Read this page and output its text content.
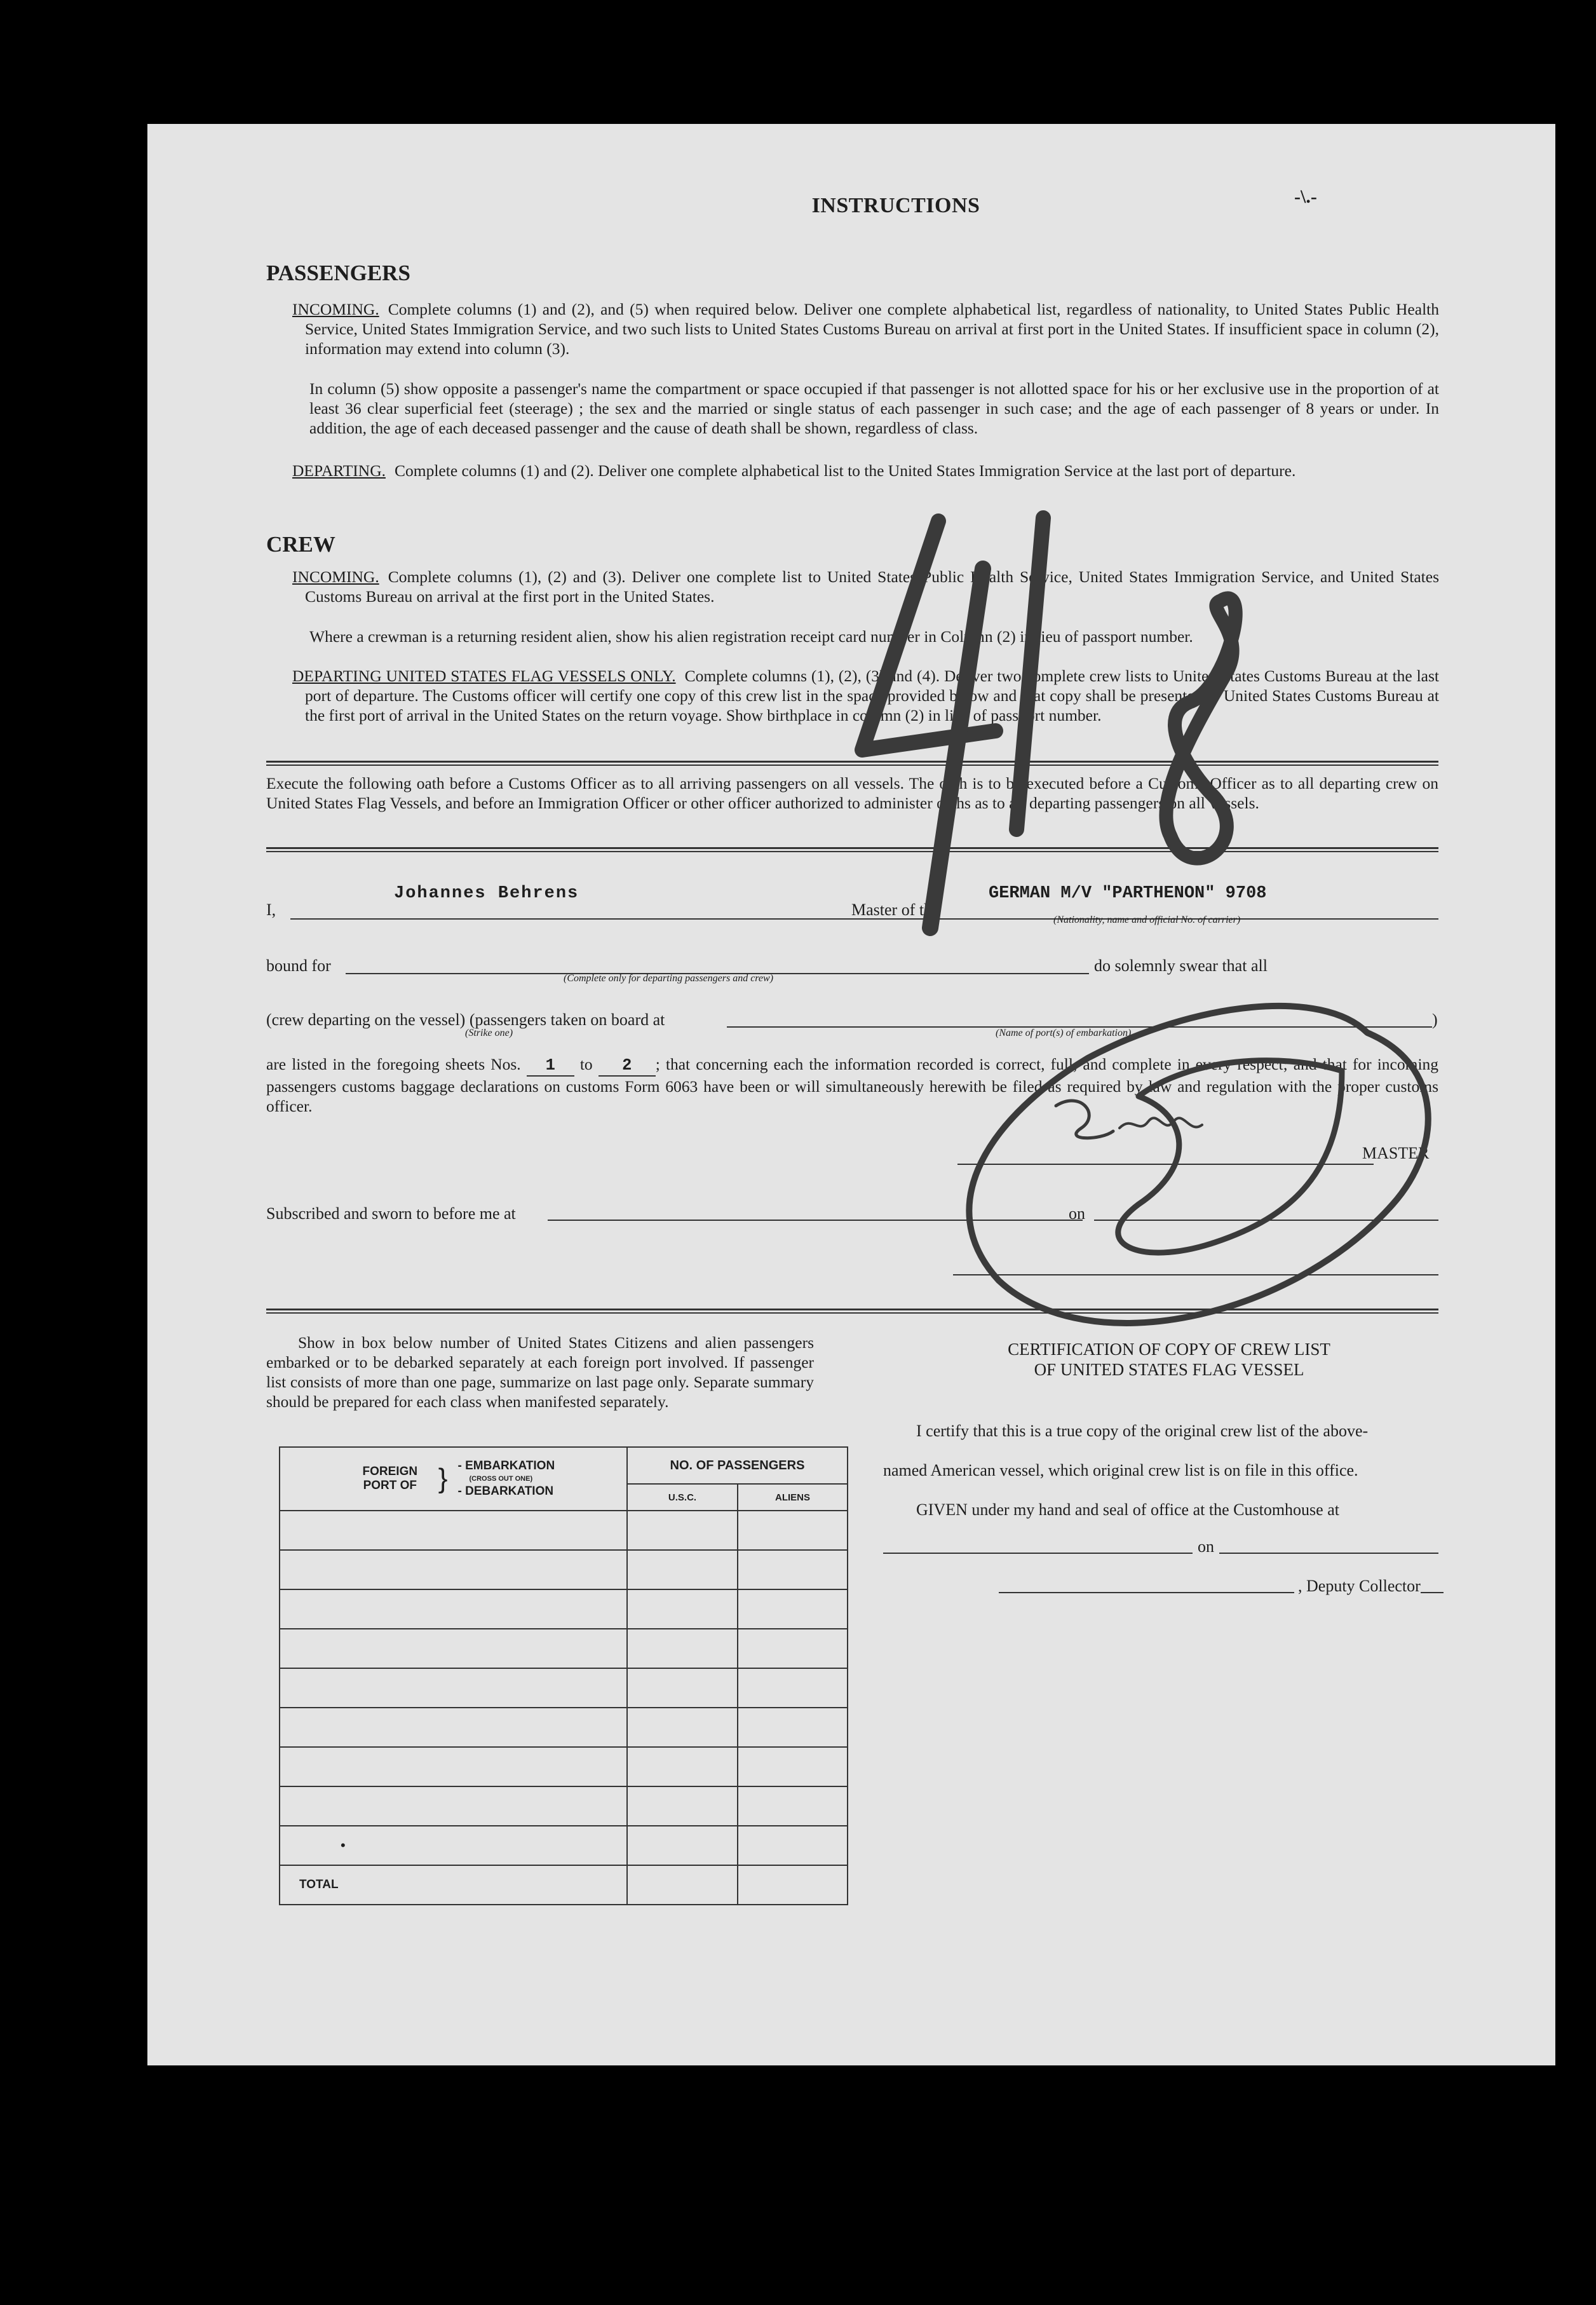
INSTRUCTIONS	-\.-
PASSENGERS
INCOMING. Complete columns (1) and (2), and (5) when required below. Deliver one complete alphabetical list, regardless of nationality, to United States Public Health Service, United States Immigration Service, and two such lists to United States Customs Bureau on arrival at first port in the United States. If insufficient space in column (2), information may extend into column (3).
In column (5) show opposite a passenger's name the compartment or space occupied if that passenger is not allotted space for his or her exclusive use in the proportion of at least 36 clear superficial feet (steerage) ; the sex and the married or single status of each passenger in such case; and the age of each passenger of 8 years or under. In addition, the age of each deceased passenger and the cause of death shall be shown, regardless of class.
DEPARTING. Complete columns (1) and (2). Deliver one complete alphabetical list to the United States Immigration Service at the last port of departure.
CREW
INCOMING. Complete columns (1), (2) and (3). Deliver one complete list to United States Public Health Service, United States Immigration Service, and United States Customs Bureau on arrival at the first port in the United States.
Where a crewman is a returning resident alien, show his alien registration receipt card number in Column (2) in lieu of passport number.
DEPARTING UNITED STATES FLAG VESSELS ONLY. Complete columns (1), (2), (3) and (4). Deliver two complete crew lists to United States Customs Bureau at the last port of departure. The Customs officer will certify one copy of this crew list in the space provided below and that copy shall be presented to United States Customs Bureau at the first port of arrival in the United States on the return voyage. Show birthplace in column (2) in lieu of passport number.
Execute the following oath before a Customs Officer as to all arriving passengers on all vessels. The oath is to be executed before a Customs Officer as to all departing crew on United States Flag Vessels, and before an Immigration Officer or other officer authorized to administer oaths as to all departing passengers on all vessels.
I,
Johannes Behrens
Master of the
GERMAN M/V "PARTHENON" 9708
(Nationality, name and official No. of carrier)
bound for
(Complete only for departing passengers and crew)
do solemnly swear that all
(crew departing on the vessel) (passengers taken on board at	)
(Strike one)	(Name of port(s) of embarkation)
are listed in the foregoing sheets Nos. 1 to 2 ; that concerning each the information recorded is correct, full, and complete in every respect; and that for incoming passengers customs baggage declarations on customs Form 6063 have been or will simultaneously herewith be filed as required by law and regulation with the proper customs officer.
MASTER
Subscribed and sworn to before me at	on
Show in box below number of United States Citizens and alien passengers embarked or to be debarked separately at each foreign port involved. If passenger list consists of more than one page, summarize on last page only. Separate summary should be prepared for each class when manifested separately.
FOREIGN PORT OF } - EMBARKATION
(CROSS OUT ONE)
- DEBARKATION	NO. OF PASSENGERS	
	U.S.C.	ALIENS

•		
TOTAL		
CERTIFICATION OF COPY OF CREW LIST
OF UNITED STATES FLAG VESSEL
I certify that this is a true copy of the original crew list of the above-
named American vessel, which original crew list is on file in this office.
GIVEN under my hand and seal of office at the Customhouse at
on
, Deputy Collector
